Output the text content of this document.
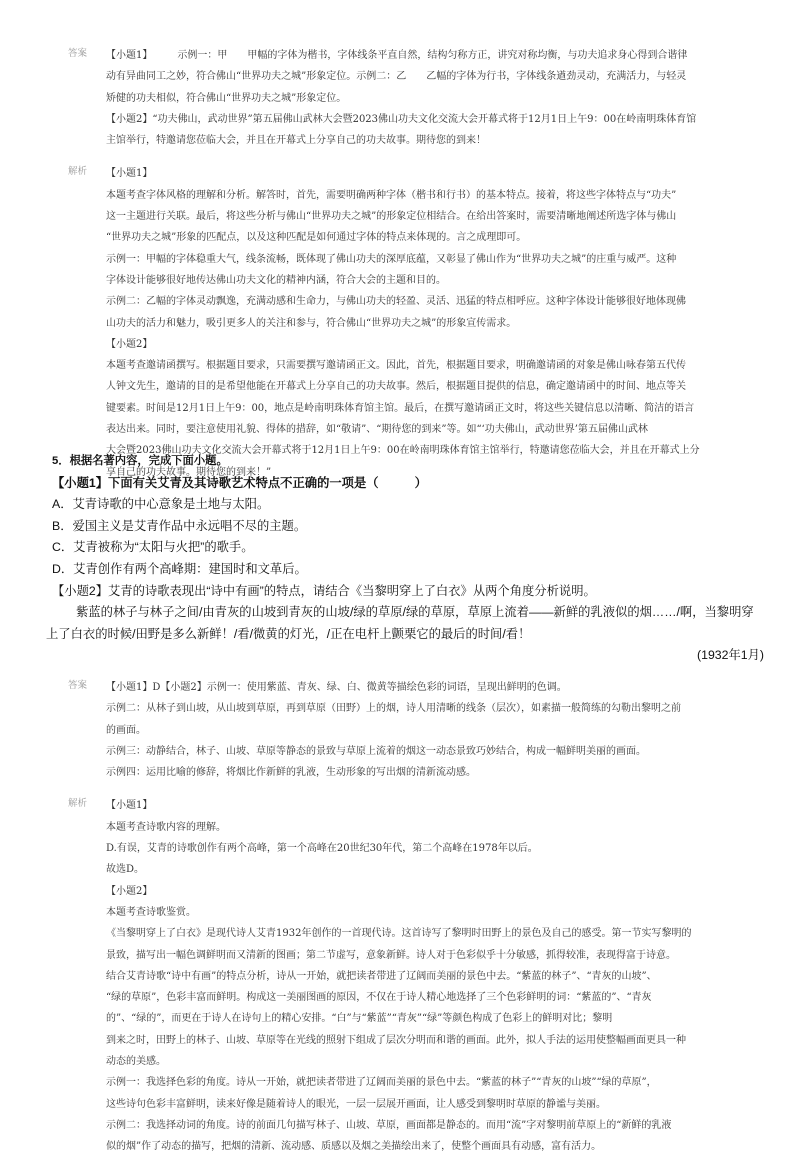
答案 【小题1】　　　示例一：甲　　甲幅的字体为楷书，字体线条平直自然，结构匀称方正，讲究对称均衡，与功夫追求身心得到合谐律

动有异曲同工之妙，符合佛山“世界功夫之城”形象定位。示例二：乙　　乙幅的字体为行书，字体线条遒劲灵动，充满活力，与轻灵

矫健的功夫相似，符合佛山“世界功夫之城”形象定位。

【小题2】“功夫佛山，武动世界”第五届佛山武林大会暨2023佛山功夫文化交流大会开幕式将于12月1日上午9：00在岭南明珠体育馆

主馆举行，特邀请您莅临大会，并且在开幕式上分享自己的功夫故事。期待您的到来！

解析 【小题1】

本题考查字体风格的理解和分析。解答时，首先，需要明确两种字体（楷书和行书）的基本特点。接着，将这些字体特点与“功夫”

这一主题进行关联。最后，将这些分析与佛山“世界功夫之城”的形象定位相结合。在给出答案时，需要清晰地阐述所选字体与佛山

“世界功夫之城”形象的匹配点，以及这种匹配是如何通过字体的特点来体现的。言之成理即可。

示例一：甲幅的字体稳重大气，线条流畅，既体现了佛山功夫的深厚底蕴，又彰显了佛山作为“世界功夫之城”的庄重与威严。这种

字体设计能够很好地传达佛山功夫文化的精神内涵，符合大会的主题和目的。

示例二：乙幅的字体灵动飘逸，充满动感和生命力，与佛山功夫的轻盈、灵活、迅猛的特点相呼应。这种字体设计能够很好地体现佛

山功夫的活力和魅力，吸引更多人的关注和参与，符合佛山“世界功夫之城”的形象宣传需求。

【小题2】

本题考查邀请函撰写。根据题目要求，只需要撰写邀请函正文。因此，首先，根据题目要求，明确邀请函的对象是佛山咏春第五代传

人钟文先生，邀请的目的是希望他能在开幕式上分享自己的功夫故事。然后，根据题目提供的信息，确定邀请函中的时间、地点等关

键要素。时间是12月1日上午9：00，地点是岭南明珠体育馆主馆。最后，在撰写邀请函正文时，将这些关键信息以清晰、简洁的语言

表达出来。同时，要注意使用礼貌、得体的措辞，如“敬请”、“期待您的到来”等。如“‘功夫佛山，武动世界’第五届佛山武林

大会暨2023佛山功夫文化交流大会开幕式将于12月1日上午9：00在岭南明珠体育馆主馆举行，特邀请您莅临大会，并且在开幕式上分

享自己的功夫故事。期待您的到来！”

5．根据名著内容，完成下面小题。

【小题1】下面有关艾青及其诗歌艺术特点不正确的一项是（	）

A．艾青诗歌的中心意象是土地与太阳。

B．爱国主义是艾青作品中永远唱不尽的主题。

C．艾青被称为“太阳与火把”的歌手。

D．艾青创作有两个高峰期：建国时和文革后。

【小题2】艾青的诗歌表现出“诗中有画”的特点，请结合《当黎明穿上了白衣》从两个角度分析说明。

紫蓝的林子与林子之间/由青灰的山坡到青灰的山坡/绿的草原/绿的草原，草原上流着——新鲜的乳液似的烟……/啊，当黎明穿

上了白衣的时候/田野是多么新鲜！/看/微黄的灯光，/正在电杆上颤栗它的最后的时间/看！

(1932年1月)

答案 【小题1】D【小题2】示例一：使用紫蓝、青灰、绿、白、微黄等描绘色彩的词语，呈现出鲜明的色调。

示例二：从林子到山坡，从山坡到草原，再到草原（田野）上的烟，诗人用清晰的线条（层次），如素描一般简练的勾勒出黎明之前

的画面。

示例三：动静结合，林子、山坡、草原等静态的景致与草原上流着的烟这一动态景致巧妙结合，构成一幅鲜明美丽的画面。

示例四：运用比喻的修辞，将烟比作新鲜的乳液，生动形象的写出烟的清新流动感。

解析 【小题1】

本题考查诗歌内容的理解。

D.有误，艾青的诗歌创作有两个高峰，第一个高峰在20世纪30年代，第二个高峰在1978年以后。

故选D。

【小题2】

本题考查诗歌鉴赏。

《当黎明穿上了白衣》是现代诗人艾青1932年创作的一首现代诗。这首诗写了黎明时田野上的景色及自己的感受。第一节实写黎明的

景致，描写出一幅色调鲜明而又清新的图画；第二节虚写，意象新鲜。诗人对于色彩似乎十分敏感，抓得较准，表现得富于诗意。

结合艾青诗歌“诗中有画”的特点分析，诗从一开始，就把读者带进了辽阔而美丽的景色中去。“紫蓝的林子”、“青灰的山坡”、

“绿的草原”，色彩丰富而鲜明。构成这一美丽图画的原因，不仅在于诗人精心地选择了三个色彩鲜明的词：“紫蓝的”、“青灰

的”、“绿的”，而更在于诗人在诗句上的精心安排。“白”与“紫蓝”“青灰”“绿”等颜色构成了色彩上的鲜明对比；黎明

到来之时，田野上的林子、山坡、草原等在光线的照射下组成了层次分明而和谐的画面。此外，拟人手法的运用使整幅画面更具一种

动态的美感。

示例一：我选择色彩的角度。诗从一开始，就把读者带进了辽阔而美丽的景色中去。“紫蓝的林子”“青灰的山坡”“绿的草原”，

这些诗句色彩丰富鲜明，读来好像是随着诗人的眼光，一层一层展开画面，让人感受到黎明时草原的静谧与美丽。

示例二：我选择动词的角度。诗的前面几句描写林子、山坡、草原，画面都是静态的。而用“流”字对黎明前草原上的“新鲜的乳液

似的烟”作了动态的描写，把烟的清新、流动感、质感以及烟之美描绘出来了，使整个画面具有动感，富有活力。
